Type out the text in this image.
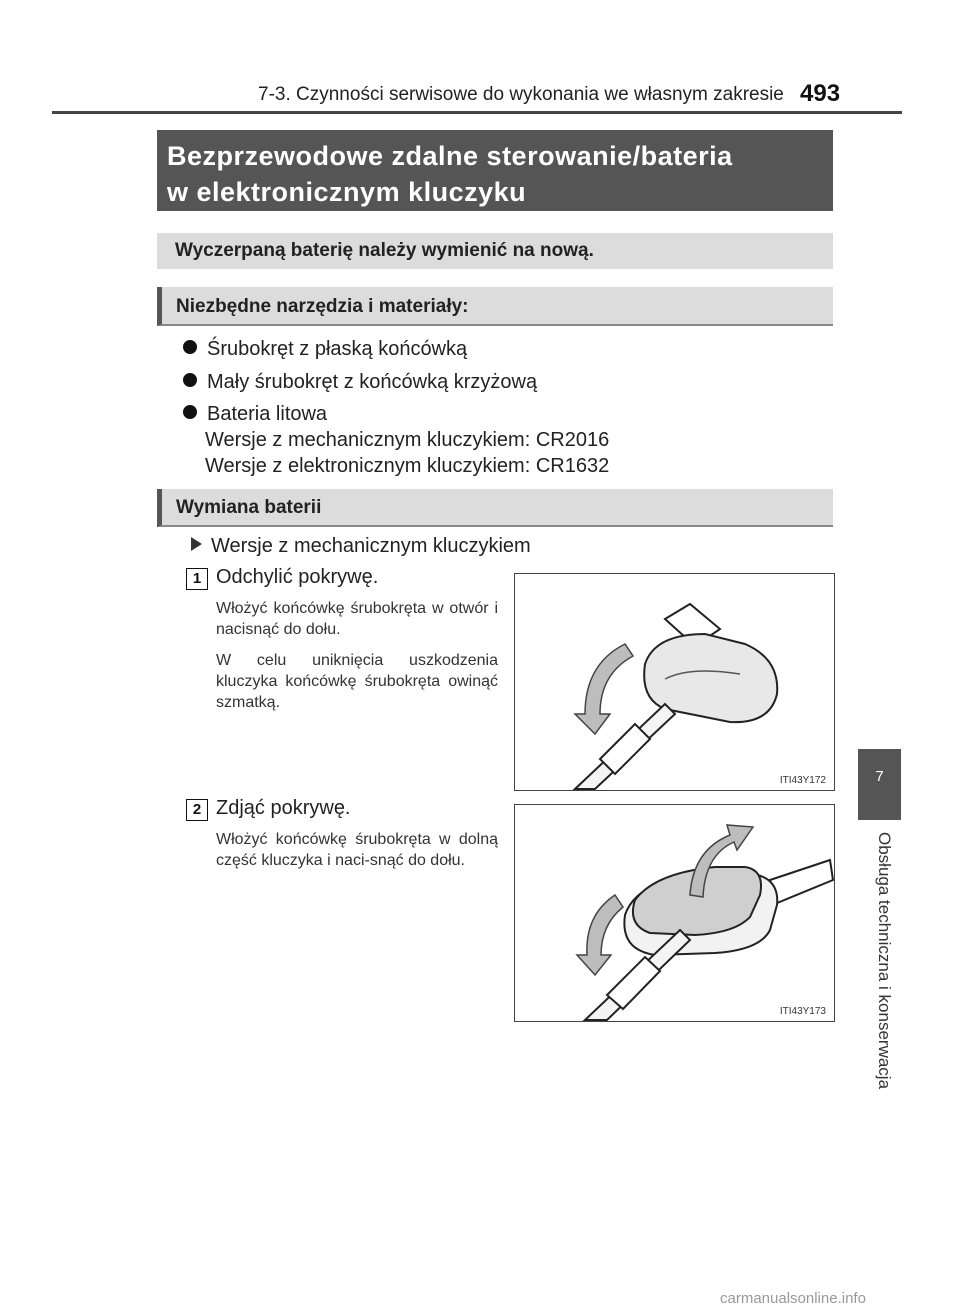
7-3. Czynności serwisowe do wykonania we własnym zakresie 493
Bezprzewodowe zdalne sterowanie/bateria
w elektronicznym kluczyku
Wyczerpaną baterię należy wymienić na nową.
Niezbędne narzędzia i materiały:
Śrubokręt z płaską końcówką
Mały śrubokręt z końcówką krzyżową
Bateria litowa
Wersje z mechanicznym kluczykiem: CR2016
Wersje z elektronicznym kluczykiem: CR1632
Wymiana baterii
Wersje z mechanicznym kluczykiem
1 Odchylić pokrywę.
Włożyć końcówkę śrubokręta w otwór i nacisnąć do dołu.
W celu uniknięcia uszkodzenia kluczyka końcówkę śrubokręta owinąć szmatką.
ITI43Y172
2 Zdjąć pokrywę.
Włożyć końcówkę śrubokręta w dolną część kluczyka i naci-snąć do dołu.
ITI43Y173
7
Obsługa techniczna i konserwacja
carmanualsonline.info
